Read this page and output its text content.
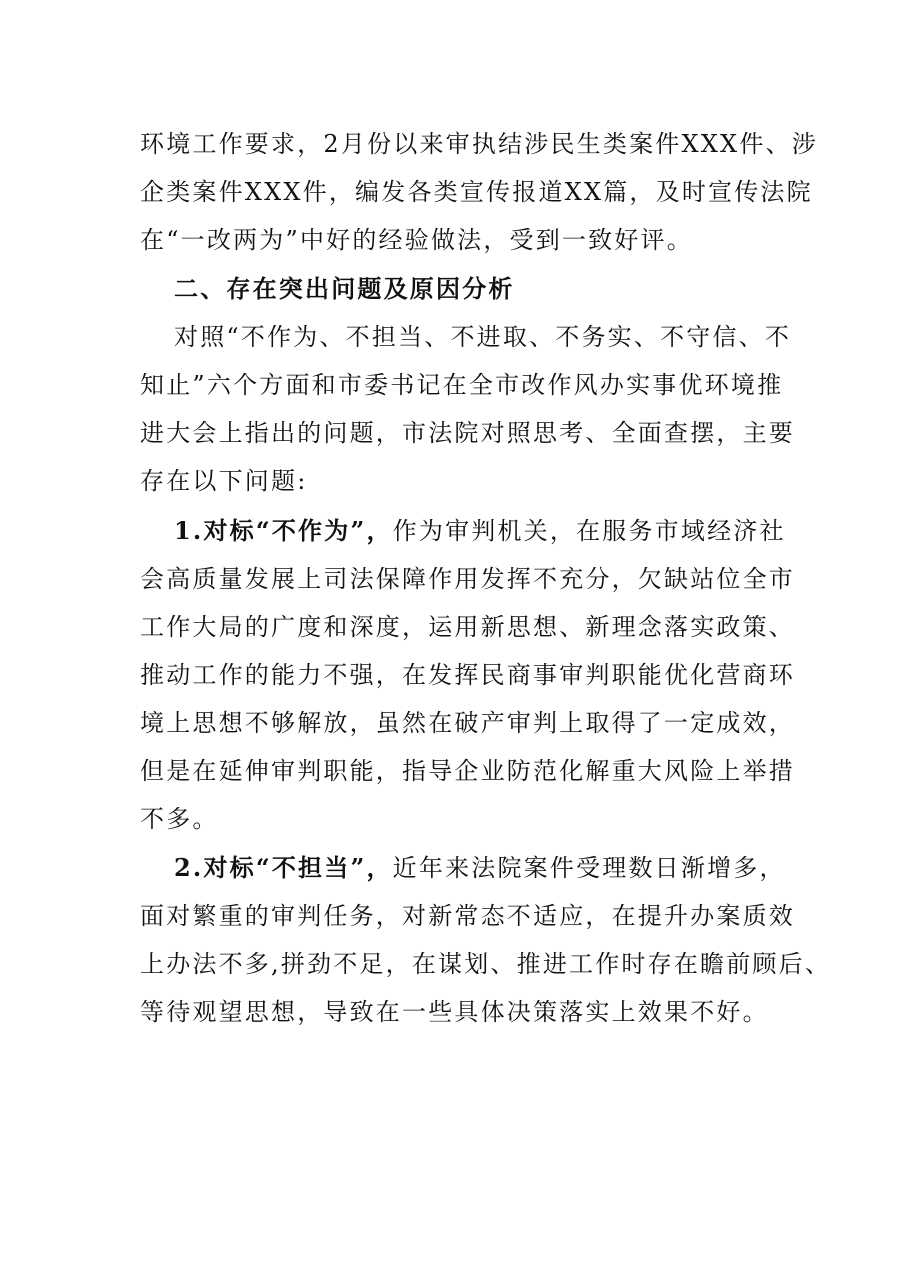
环境工作要求，2月份以来审执结涉民生类案件XXX件、涉
企类案件XXX件，编发各类宣传报道XX篇，及时宣传法院
在“一改两为”中好的经验做法，受到一致好评。
二、存在突出问题及原因分析
对照“不作为、不担当、不进取、不务实、不守信、不
知止”六个方面和市委书记在全市改作风办实事优环境推
进大会上指出的问题，市法院对照思考、全面查摆，主要
存在以下问题:
1.对标“不作为”，作为审判机关，在服务市域经济社
会高质量发展上司法保障作用发挥不充分，欠缺站位全市
工作大局的广度和深度，运用新思想、新理念落实政策、
推动工作的能力不强，在发挥民商事审判职能优化营商环
境上思想不够解放，虽然在破产审判上取得了一定成效，
但是在延伸审判职能，指导企业防范化解重大风险上举措
不多。
2.对标“不担当”，近年来法院案件受理数日渐增多，
面对繁重的审判任务，对新常态不适应，在提升办案质效
上办法不多,拼劲不足，在谋划、推进工作时存在瞻前顾后、
等待观望思想，导致在一些具体决策落实上效果不好。
